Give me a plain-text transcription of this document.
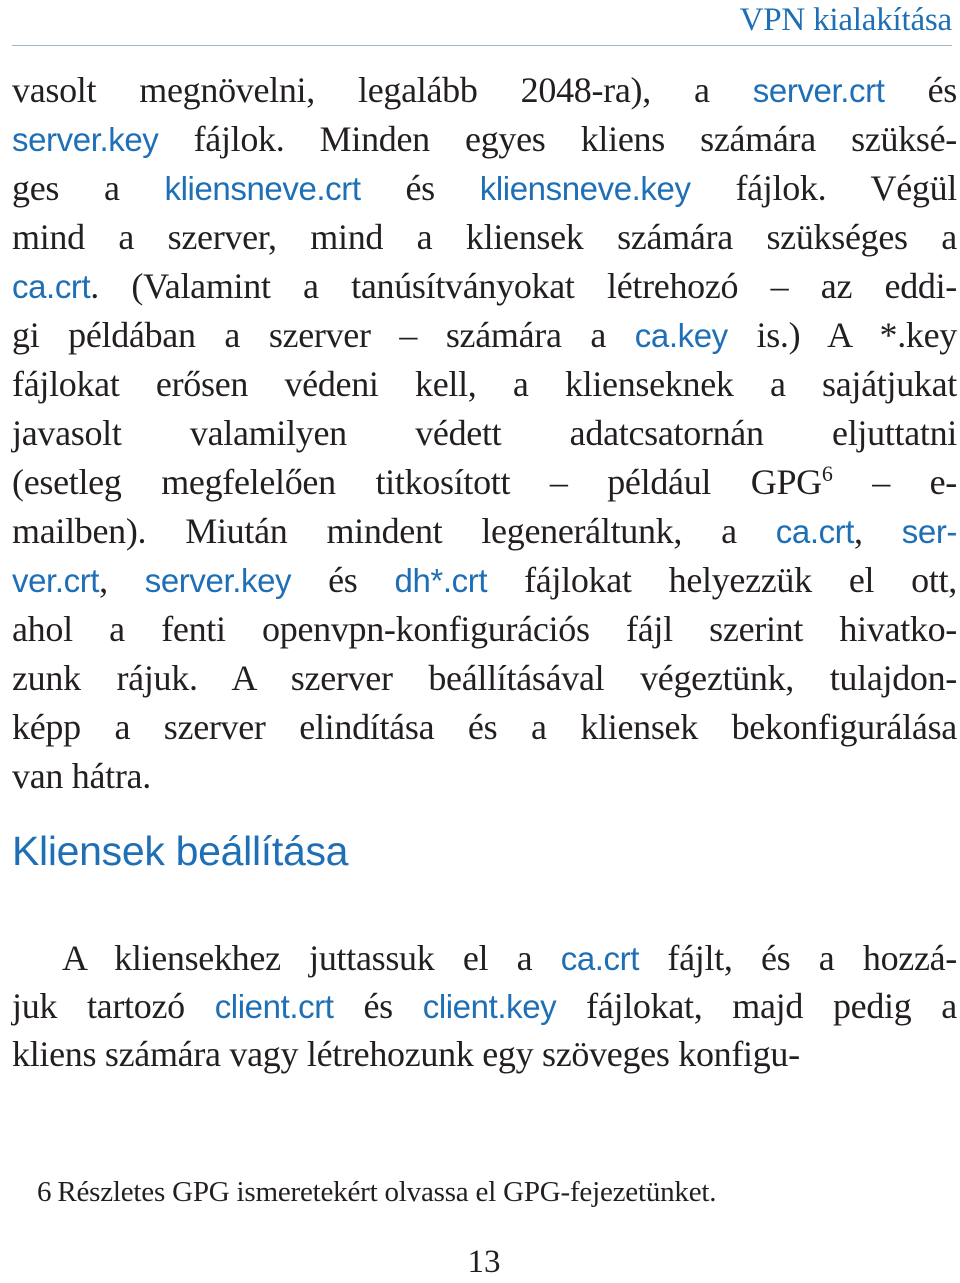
VPN kialakítása
vasolt megnövelni, legalább 2048-ra), a server.crt és
server.key fájlok. Minden egyes kliens számára szüksé-
ges a kliensneve.crt és kliensneve.key fájlok. Végül
mind a szerver, mind a kliensek számára szükséges a
ca.crt. (Valamint a tanúsítványokat létrehozó – az eddi-
gi példában a szerver – számára a ca.key is.) A *.key
fájlokat erősen védeni kell, a klienseknek a sajátjukat
javasolt valamilyen védett adatcsatornán eljuttatni
(esetleg megfelelően titkosított – például GPG$^6$ – e-
mailben). Miután mindent legeneráltunk, a ca.crt, ser-
ver.crt, server.key és dh*.crt fájlokat helyezzük el ott,
ahol a fenti openvpn-konfigurációs fájl szerint hivatko-
zunk rájuk. A szerver beállításával végeztünk, tulajdon-
képp a szerver elindítása és a kliensek bekonfigurálása
van hátra.
Kliensek beállítása
A kliensekhez juttassuk el a ca.crt fájlt, és a hozzá-
juk tartozó client.crt és client.key fájlokat, majd pedig a
kliens számára vagy létrehozunk egy szöveges konfigu-
6 Részletes GPG ismeretekért olvassa el GPG-fejezetünket.
13
